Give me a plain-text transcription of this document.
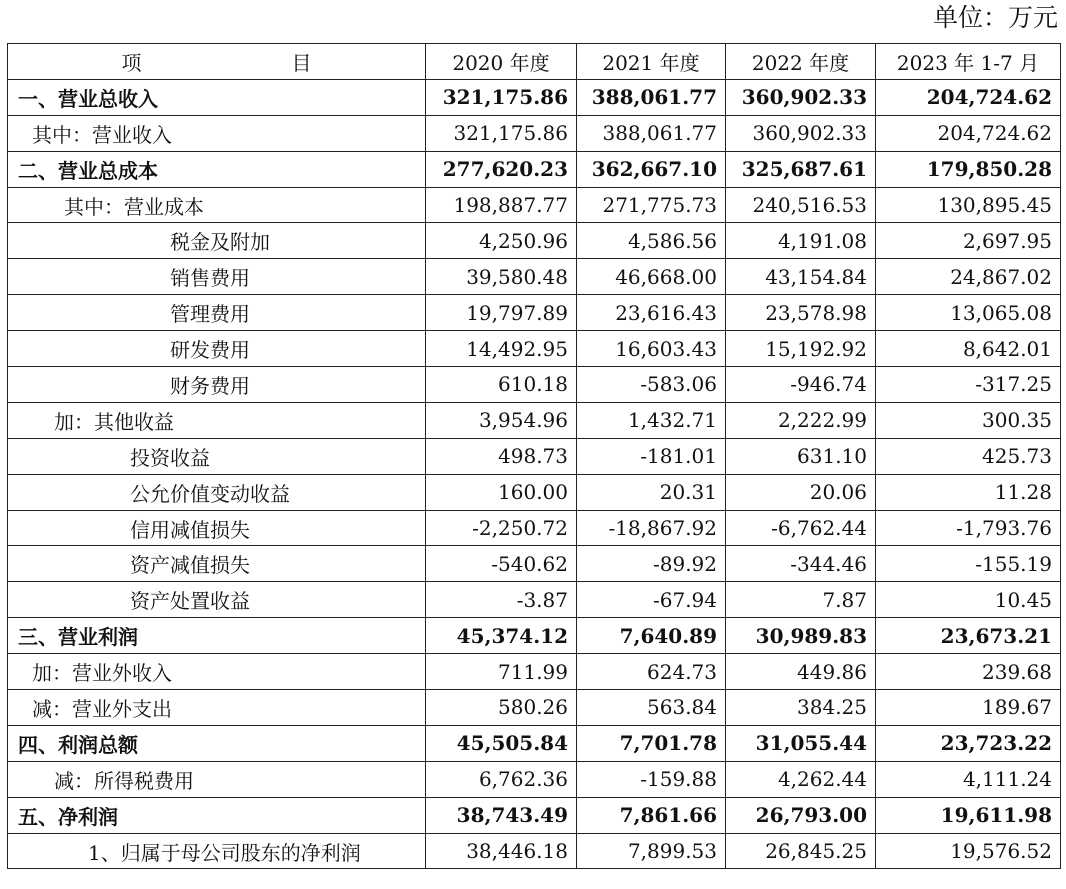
单位：万元
项 目	2020 年度	2021 年度	2022 年度	2023 年 1-7 月
一、营业总收入	321,175.86	388,061.77	360,902.33	204,724.62
其中：营业收入	321,175.86	388,061.77	360,902.33	204,724.62
二、营业总成本	277,620.23	362,667.10	325,687.61	179,850.28
其中：营业成本	198,887.77	271,775.73	240,516.53	130,895.45
税金及附加	4,250.96	4,586.56	4,191.08	2,697.95
销售费用	39,580.48	46,668.00	43,154.84	24,867.02
管理费用	19,797.89	23,616.43	23,578.98	13,065.08
研发费用	14,492.95	16,603.43	15,192.92	8,642.01
财务费用	610.18	-583.06	-946.74	-317.25
加：其他收益	3,954.96	1,432.71	2,222.99	300.35
投资收益	498.73	-181.01	631.10	425.73
公允价值变动收益	160.00	20.31	20.06	11.28
信用减值损失	-2,250.72	-18,867.92	-6,762.44	-1,793.76
资产减值损失	-540.62	-89.92	-344.46	-155.19
资产处置收益	-3.87	-67.94	7.87	10.45
三、营业利润	45,374.12	7,640.89	30,989.83	23,673.21
加：营业外收入	711.99	624.73	449.86	239.68
减：营业外支出	580.26	563.84	384.25	189.67
四、利润总额	45,505.84	7,701.78	31,055.44	23,723.22
减：所得税费用	6,762.36	-159.88	4,262.44	4,111.24
五、净利润	38,743.49	7,861.66	26,793.00	19,611.98
1、归属于母公司股东的净利润	38,446.18	7,899.53	26,845.25	19,576.52
